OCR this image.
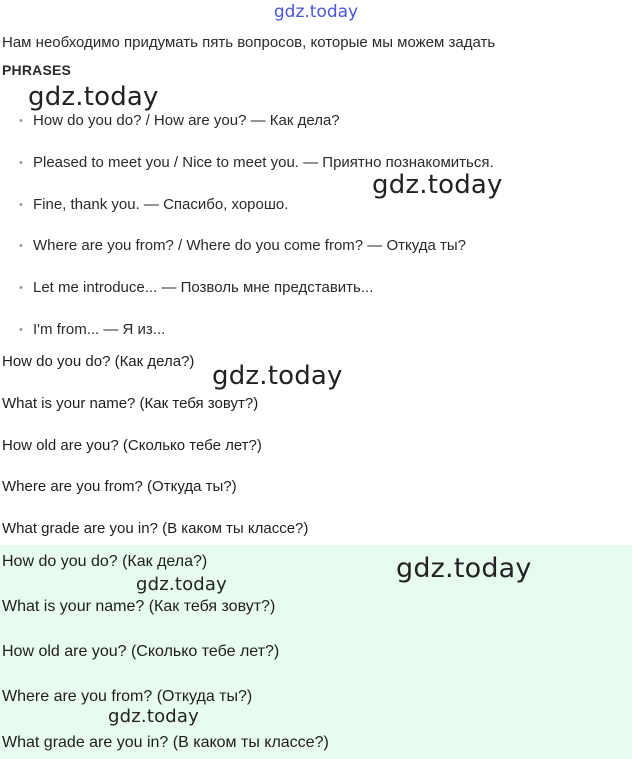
gdz.today
Нам необходимо придумать пять вопросов, которые мы можем задать
PHRASES
• How do you do? / How are you? — Как дела?
• Pleased to meet you / Nice to meet you. — Приятно познакомиться.
• Fine, thank you. — Спасибо, хорошо.
• Where are you from? / Where do you come from? — Откуда ты?
• Let me introduce... — Позволь мне представить...
• I'm from... — Я из...
How do you do? (Как дела?)
What is your name? (Как тебя зовут?)
How old are you? (Сколько тебе лет?)
Where are you from? (Откуда ты?)
What grade are you in? (В каком ты классе?)
How do you do? (Как дела?)
What is your name? (Как тебя зовут?)
How old are you? (Сколько тебе лет?)
Where are you from? (Откуда ты?)
What grade are you in? (В каком ты классе?)
gdz.today
gdz.today
gdz.today
gdz.today
gdz.today
gdz.today
